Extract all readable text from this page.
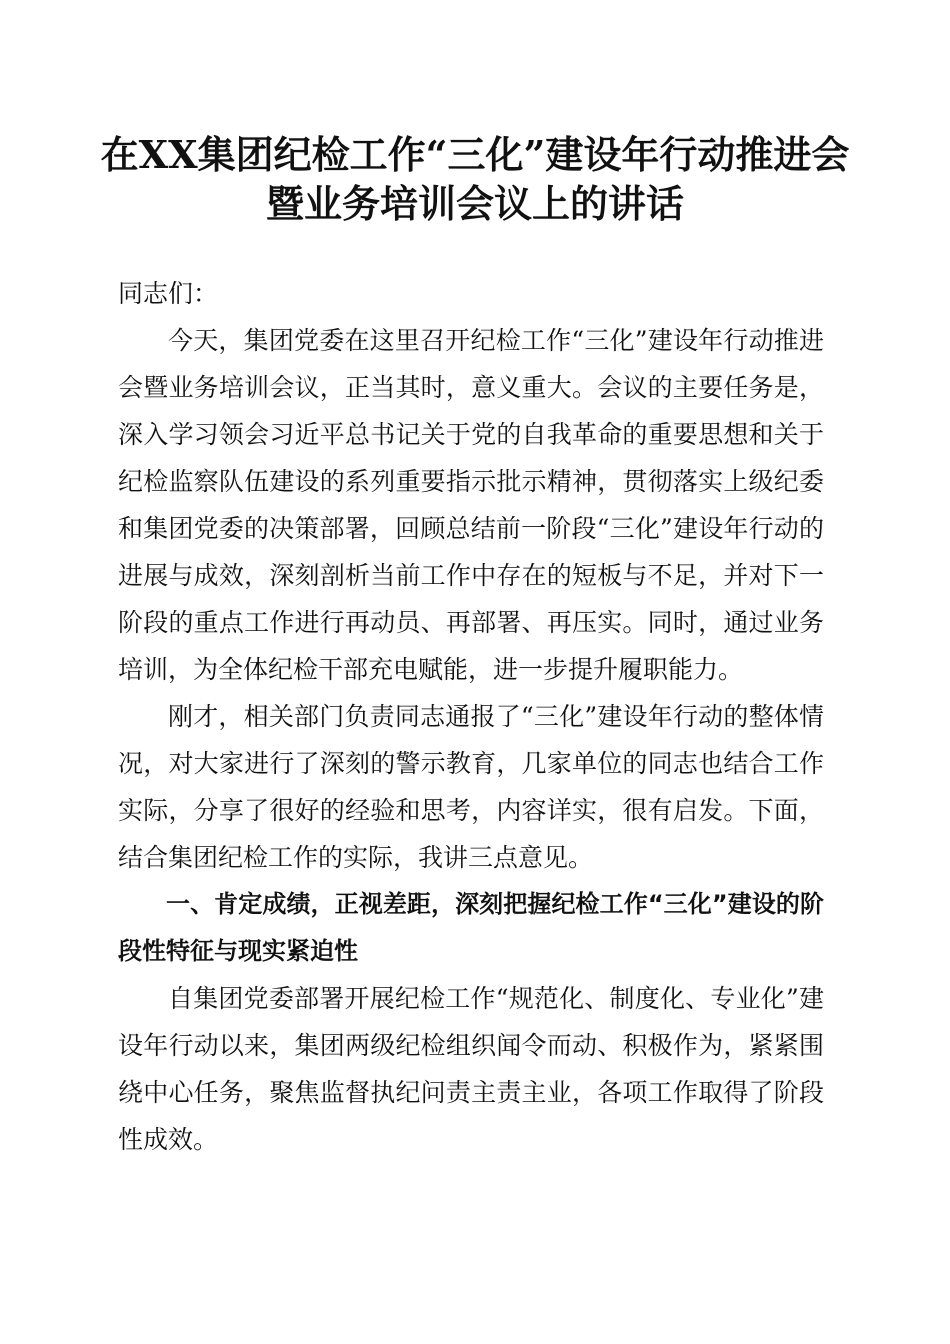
在XX集团纪检工作“三化”建设年行动推进会暨业务培训会议上的讲话

同志们：

今天，集团党委在这里召开纪检工作“三化”建设年行动推进会暨业务培训会议，正当其时，意义重大。会议的主要任务是，深入学习领会习近平总书记关于党的自我革命的重要思想和关于纪检监察队伍建设的系列重要指示批示精神，贯彻落实上级纪委和集团党委的决策部署，回顾总结前一阶段“三化”建设年行动的进展与成效，深刻剖析当前工作中存在的短板与不足，并对下一阶段的重点工作进行再动员、再部署、再压实。同时，通过业务培训，为全体纪检干部充电赋能，进一步提升履职能力。

刚才，相关部门负责同志通报了“三化”建设年行动的整体情况，对大家进行了深刻的警示教育，几家单位的同志也结合工作实际，分享了很好的经验和思考，内容详实，很有启发。下面，结合集团纪检工作的实际，我讲三点意见。

一、肯定成绩，正视差距，深刻把握纪检工作“三化”建设的阶段性特征与现实紧迫性

自集团党委部署开展纪检工作“规范化、制度化、专业化”建设年行动以来，集团两级纪检组织闻令而动、积极作为，紧紧围绕中心任务，聚焦监督执纪问责主责主业，各项工作取得了阶段性成效。
